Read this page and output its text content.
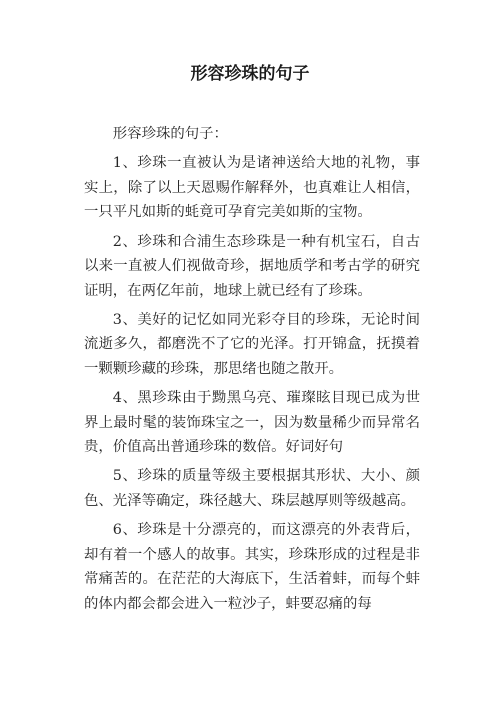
形容珍珠的句子

形容珍珠的句子：

1、珍珠一直被认为是诸神送给大地的礼物，事实上，除了以上天恩赐作解释外，也真难让人相信，一只平凡如斯的蚝竟可孕育完美如斯的宝物。

2、珍珠和合浦生态珍珠是一种有机宝石，自古以来一直被人们视做奇珍，据地质学和考古学的研究证明，在两亿年前，地球上就已经有了珍珠。

3、美好的记忆如同光彩夺目的珍珠，无论时间流逝多久，都磨洗不了它的光泽。打开锦盒，抚摸着一颗颗珍藏的珍珠，那思绪也随之散开。

4、黑珍珠由于黝黑乌亮、璀璨眩目现已成为世界上最时髦的装饰珠宝之一，因为数量稀少而异常名贵，价值高出普通珍珠的数倍。好词好句

5、珍珠的质量等级主要根据其形状、大小、颜色、光泽等确定，珠径越大、珠层越厚则等级越高。

6、珍珠是十分漂亮的，而这漂亮的外表背后，却有着一个感人的故事。其实，珍珠形成的过程是非常痛苦的。在茫茫的大海底下，生活着蚌，而每个蚌的体内都会都会进入一粒沙子，蚌要忍痛的每
